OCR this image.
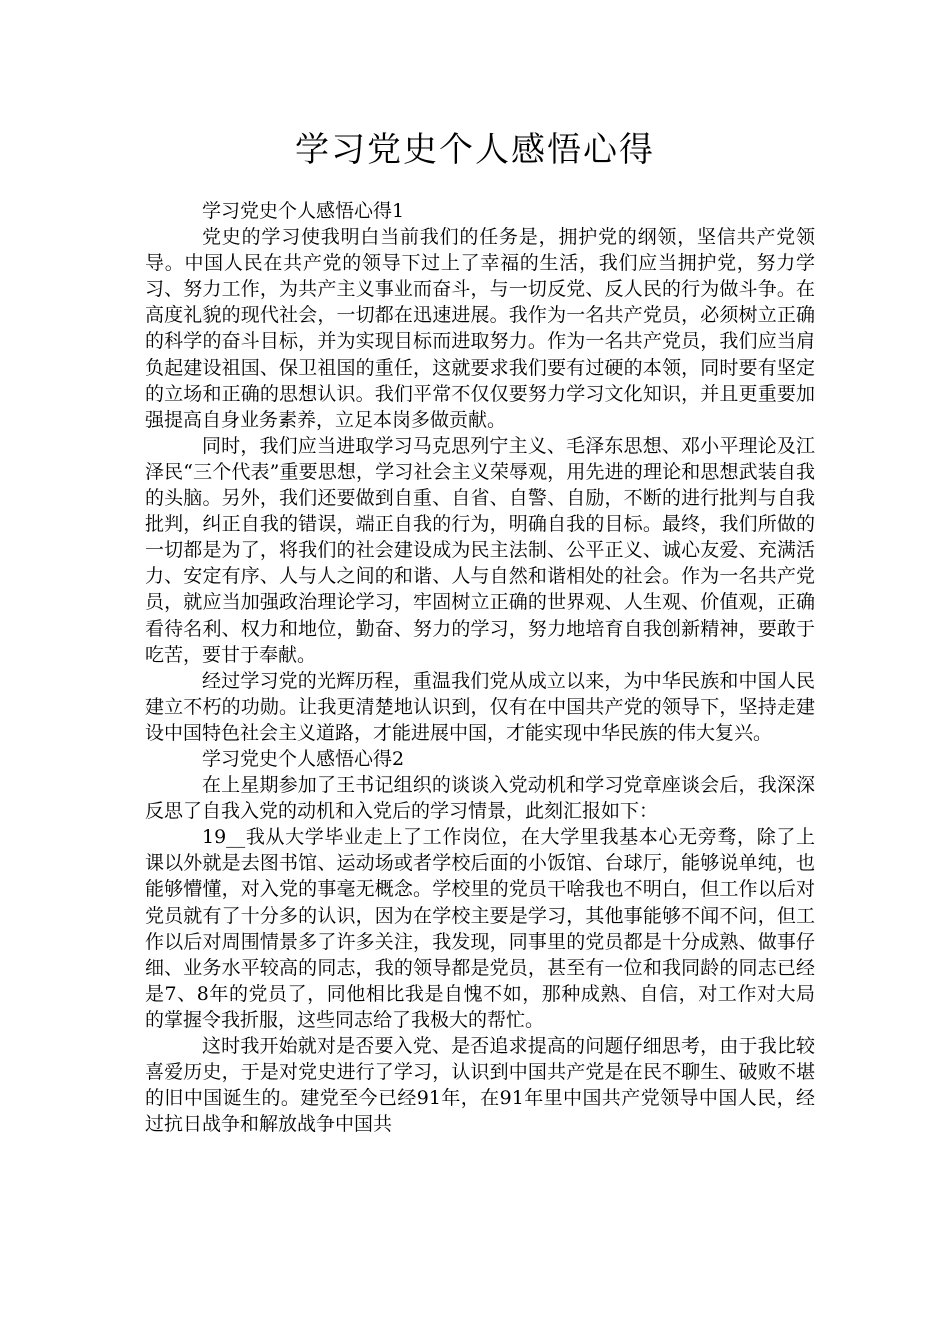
学习党史个人感悟心得

学习党史个人感悟心得1

党史的学习使我明白当前我们的任务是，拥护党的纲领，坚信共产党领导。中国人民在共产党的领导下过上了幸福的生活，我们应当拥护党，努力学习、努力工作，为共产主义事业而奋斗，与一切反党、反人民的行为做斗争。在高度礼貌的现代社会，一切都在迅速进展。我作为一名共产党员，必须树立正确的科学的奋斗目标，并为实现目标而进取努力。作为一名共产党员，我们应当肩负起建设祖国、保卫祖国的重任，这就要求我们要有过硬的本领，同时要有坚定的立场和正确的思想认识。我们平常不仅仅要努力学习文化知识，并且更重要加强提高自身业务素养，立足本岗多做贡献。

同时，我们应当进取学习马克思列宁主义、毛泽东思想、邓小平理论及江泽民“三个代表”重要思想，学习社会主义荣辱观，用先进的理论和思想武装自我的头脑。另外，我们还要做到自重、自省、自警、自励，不断的进行批判与自我批判，纠正自我的错误，端正自我的行为，明确自我的目标。最终，我们所做的一切都是为了，将我们的社会建设成为民主法制、公平正义、诚心友爱、充满活力、安定有序、人与人之间的和谐、人与自然和谐相处的社会。作为一名共产党员，就应当加强政治理论学习，牢固树立正确的世界观、人生观、价值观，正确看待名利、权力和地位，勤奋、努力的学习，努力地培育自我创新精神，要敢于吃苦，要甘于奉献。

经过学习党的光辉历程，重温我们党从成立以来，为中华民族和中国人民建立不朽的功勋。让我更清楚地认识到，仅有在中国共产党的领导下，坚持走建设中国特色社会主义道路，才能进展中国，才能实现中华民族的伟大复兴。

学习党史个人感悟心得2

在上星期参加了王书记组织的谈谈入党动机和学习党章座谈会后，我深深反思了自我入党的动机和入党后的学习情景，此刻汇报如下：

19__我从大学毕业走上了工作岗位，在大学里我基本心无旁骛，除了上课以外就是去图书馆、运动场或者学校后面的小饭馆、台球厅，能够说单纯，也能够懵懂，对入党的事毫无概念。学校里的党员干啥我也不明白，但工作以后对党员就有了十分多的认识，因为在学校主要是学习，其他事能够不闻不问，但工作以后对周围情景多了许多关注，我发现，同事里的党员都是十分成熟、做事仔细、业务水平较高的同志，我的领导都是党员，甚至有一位和我同龄的同志已经是7、8年的党员了，同他相比我是自愧不如，那种成熟、自信，对工作对大局的掌握令我折服，这些同志给了我极大的帮忙。

这时我开始就对是否要入党、是否追求提高的问题仔细思考，由于我比较喜爱历史，于是对党史进行了学习，认识到中国共产党是在民不聊生、破败不堪的旧中国诞生的。建党至今已经91年，在91年里中国共产党领导中国人民，经过抗日战争和解放战争中国共
